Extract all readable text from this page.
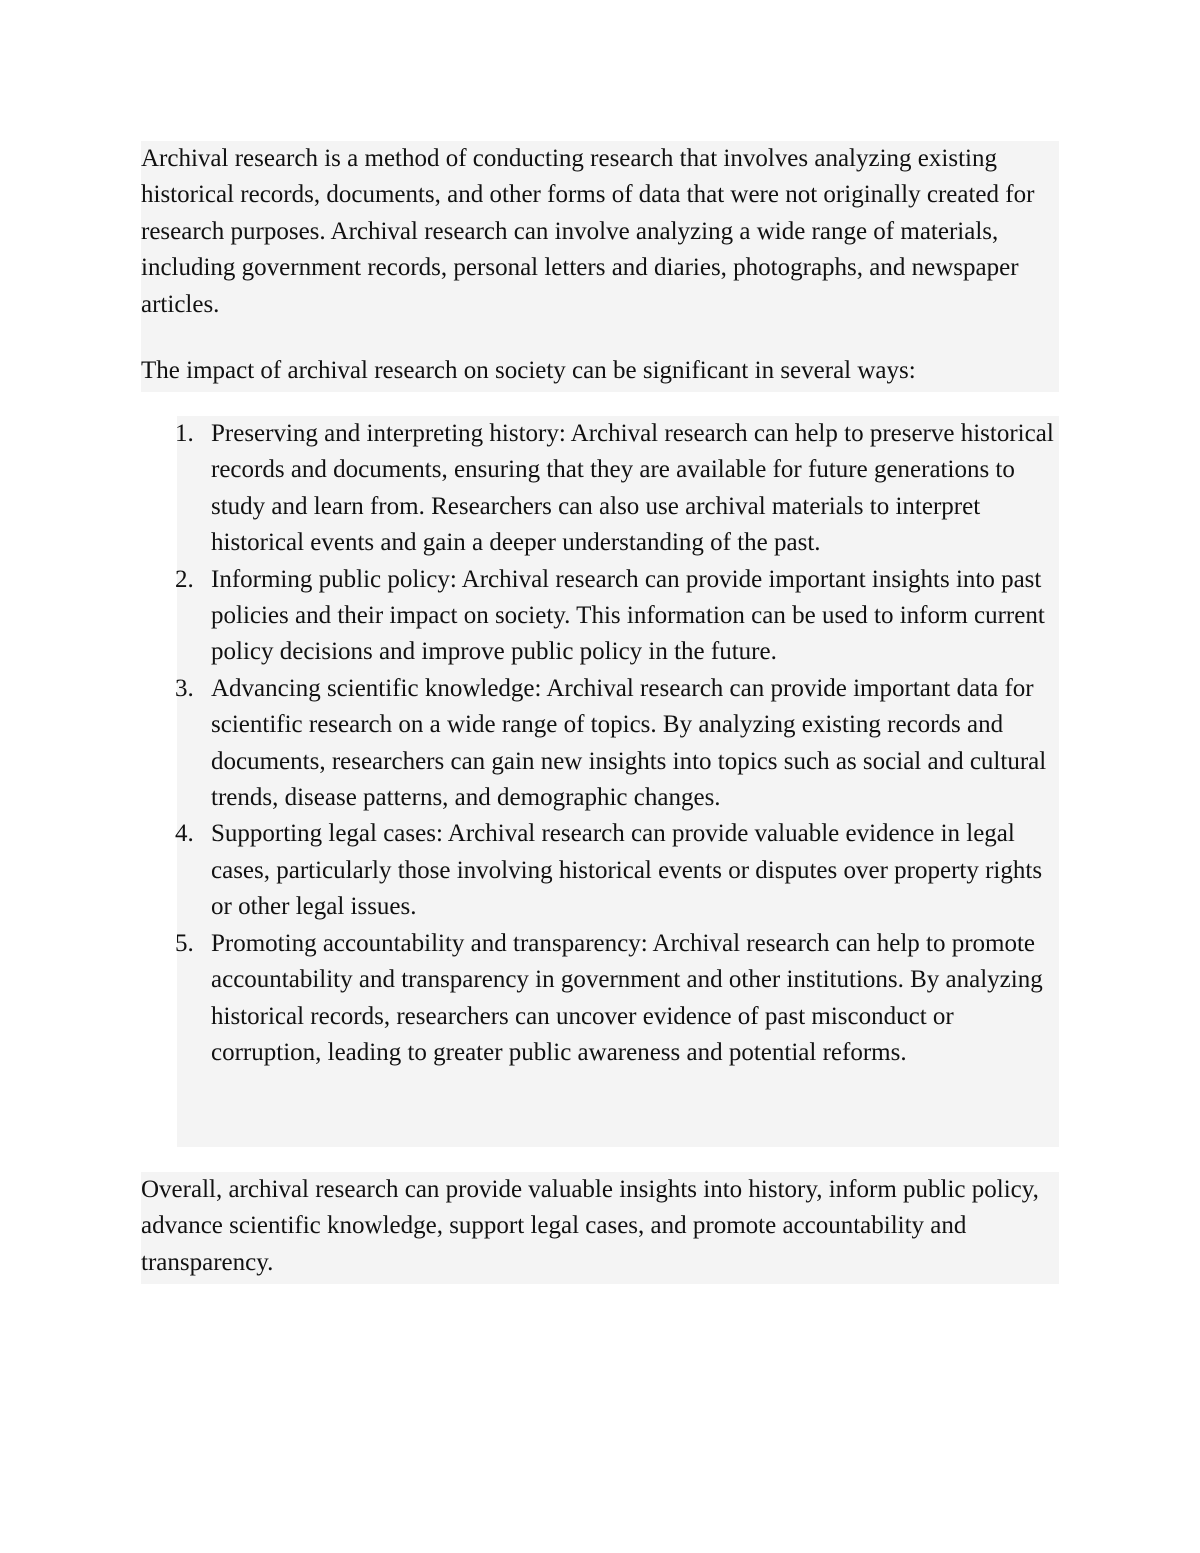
Archival research is a method of conducting research that involves analyzing existing historical records, documents, and other forms of data that were not originally created for research purposes. Archival research can involve analyzing a wide range of materials, including government records, personal letters and diaries, photographs, and newspaper articles.

The impact of archival research on society can be significant in several ways:

1. Preserving and interpreting history: Archival research can help to preserve historical records and documents, ensuring that they are available for future generations to study and learn from. Researchers can also use archival materials to interpret historical events and gain a deeper understanding of the past.
2. Informing public policy: Archival research can provide important insights into past policies and their impact on society. This information can be used to inform current policy decisions and improve public policy in the future.
3. Advancing scientific knowledge: Archival research can provide important data for scientific research on a wide range of topics. By analyzing existing records and documents, researchers can gain new insights into topics such as social and cultural trends, disease patterns, and demographic changes.
4. Supporting legal cases: Archival research can provide valuable evidence in legal cases, particularly those involving historical events or disputes over property rights or other legal issues.
5. Promoting accountability and transparency: Archival research can help to promote accountability and transparency in government and other institutions. By analyzing historical records, researchers can uncover evidence of past misconduct or corruption, leading to greater public awareness and potential reforms.

Overall, archival research can provide valuable insights into history, inform public policy, advance scientific knowledge, support legal cases, and promote accountability and transparency.
